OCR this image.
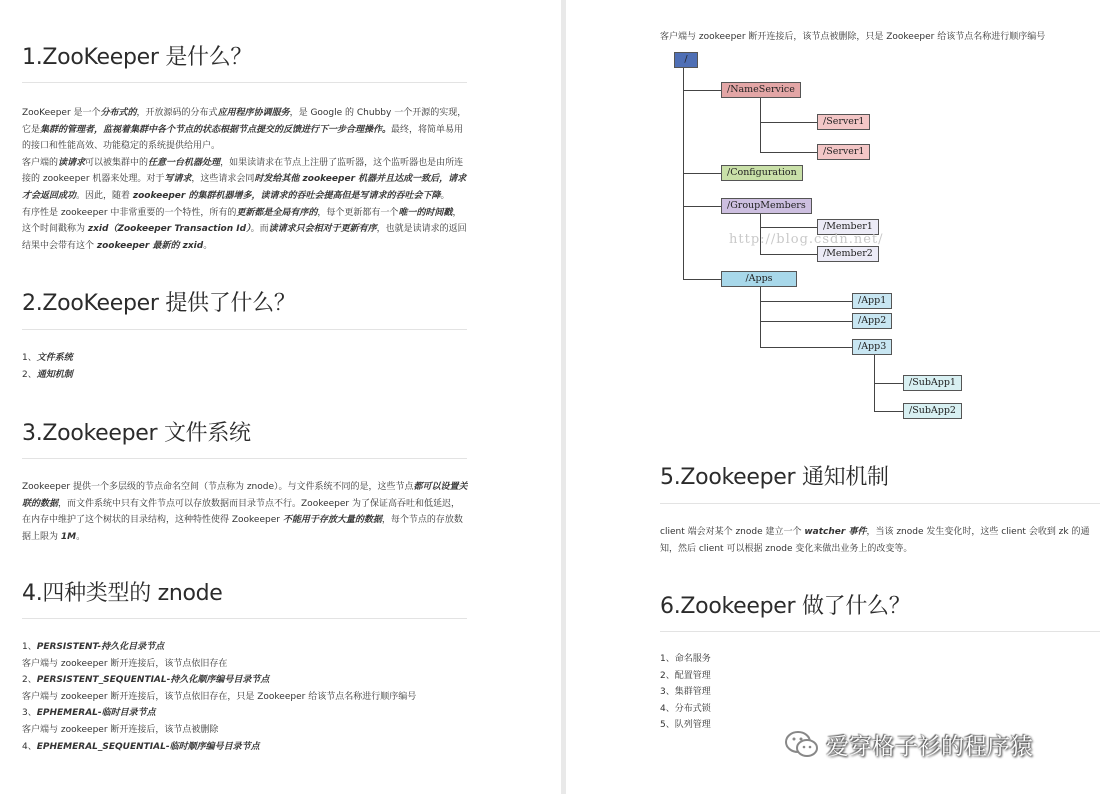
1.ZooKeeper 是什么？

ZooKeeper 是一个分布式的，开放源码的分布式应用程序协调服务，是 Google 的 Chubby 一个开源的实现，它是集群的管理者，监视着集群中各个节点的状态根据节点提交的反馈进行下一步合理操作。最终，将简单易用的接口和性能高效、功能稳定的系统提供给用户。

客户端的读请求可以被集群中的任意一台机器处理，如果读请求在节点上注册了监听器，这个监听器也是由所连接的 zookeeper 机器来处理。对于写请求，这些请求会同时发给其他 zookeeper 机器并且达成一致后，请求才会返回成功。因此，随着 zookeeper 的集群机器增多，读请求的吞吐会提高但是写请求的吞吐会下降。

有序性是 zookeeper 中非常重要的一个特性，所有的更新都是全局有序的，每个更新都有一个唯一的时间戳，这个时间戳称为 zxid（Zookeeper Transaction Id）。而读请求只会相对于更新有序，也就是读请求的返回结果中会带有这个 zookeeper 最新的 zxid。

2.ZooKeeper 提供了什么？
1、文件系统
2、通知机制
3.Zookeeper 文件系统

Zookeeper 提供一个多层级的节点命名空间（节点称为 znode）。与文件系统不同的是，这些节点都可以设置关联的数据，而文件系统中只有文件节点可以存放数据而目录节点不行。Zookeeper 为了保证高吞吐和低延迟，在内存中维护了这个树状的目录结构，这种特性使得 Zookeeper 不能用于存放大量的数据，每个节点的存放数据上限为 1M。

4.四种类型的 znode
1、PERSISTENT-持久化目录节点
客户端与 zookeeper 断开连接后，该节点依旧存在
2、PERSISTENT_SEQUENTIAL-持久化顺序编号目录节点
客户端与 zookeeper 断开连接后，该节点依旧存在，只是 Zookeeper 给该节点名称进行顺序编号
3、EPHEMERAL-临时目录节点
客户端与 zookeeper 断开连接后，该节点被删除
4、EPHEMERAL_SEQUENTIAL-临时顺序编号目录节点
客户端与 zookeeper 断开连接后，该节点被删除，只是 Zookeeper 给该节点名称进行顺序编号
/
/NameService
/Server1
/Server1
/Configuration
/GroupMembers
/Member1
/Member2
/Apps
/App1
/App2
/App3
/SubApp1
/SubApp2
http://blog.csdn.net/
5.Zookeeper 通知机制

client 端会对某个 znode 建立一个 watcher 事件，当该 znode 发生变化时，这些 client 会收到 zk 的通知，然后 client 可以根据 znode 变化来做出业务上的改变等。

6.Zookeeper 做了什么？
1、命名服务
2、配置管理
3、集群管理
4、分布式锁
5、队列管理
爱穿格子衫的程序猿
